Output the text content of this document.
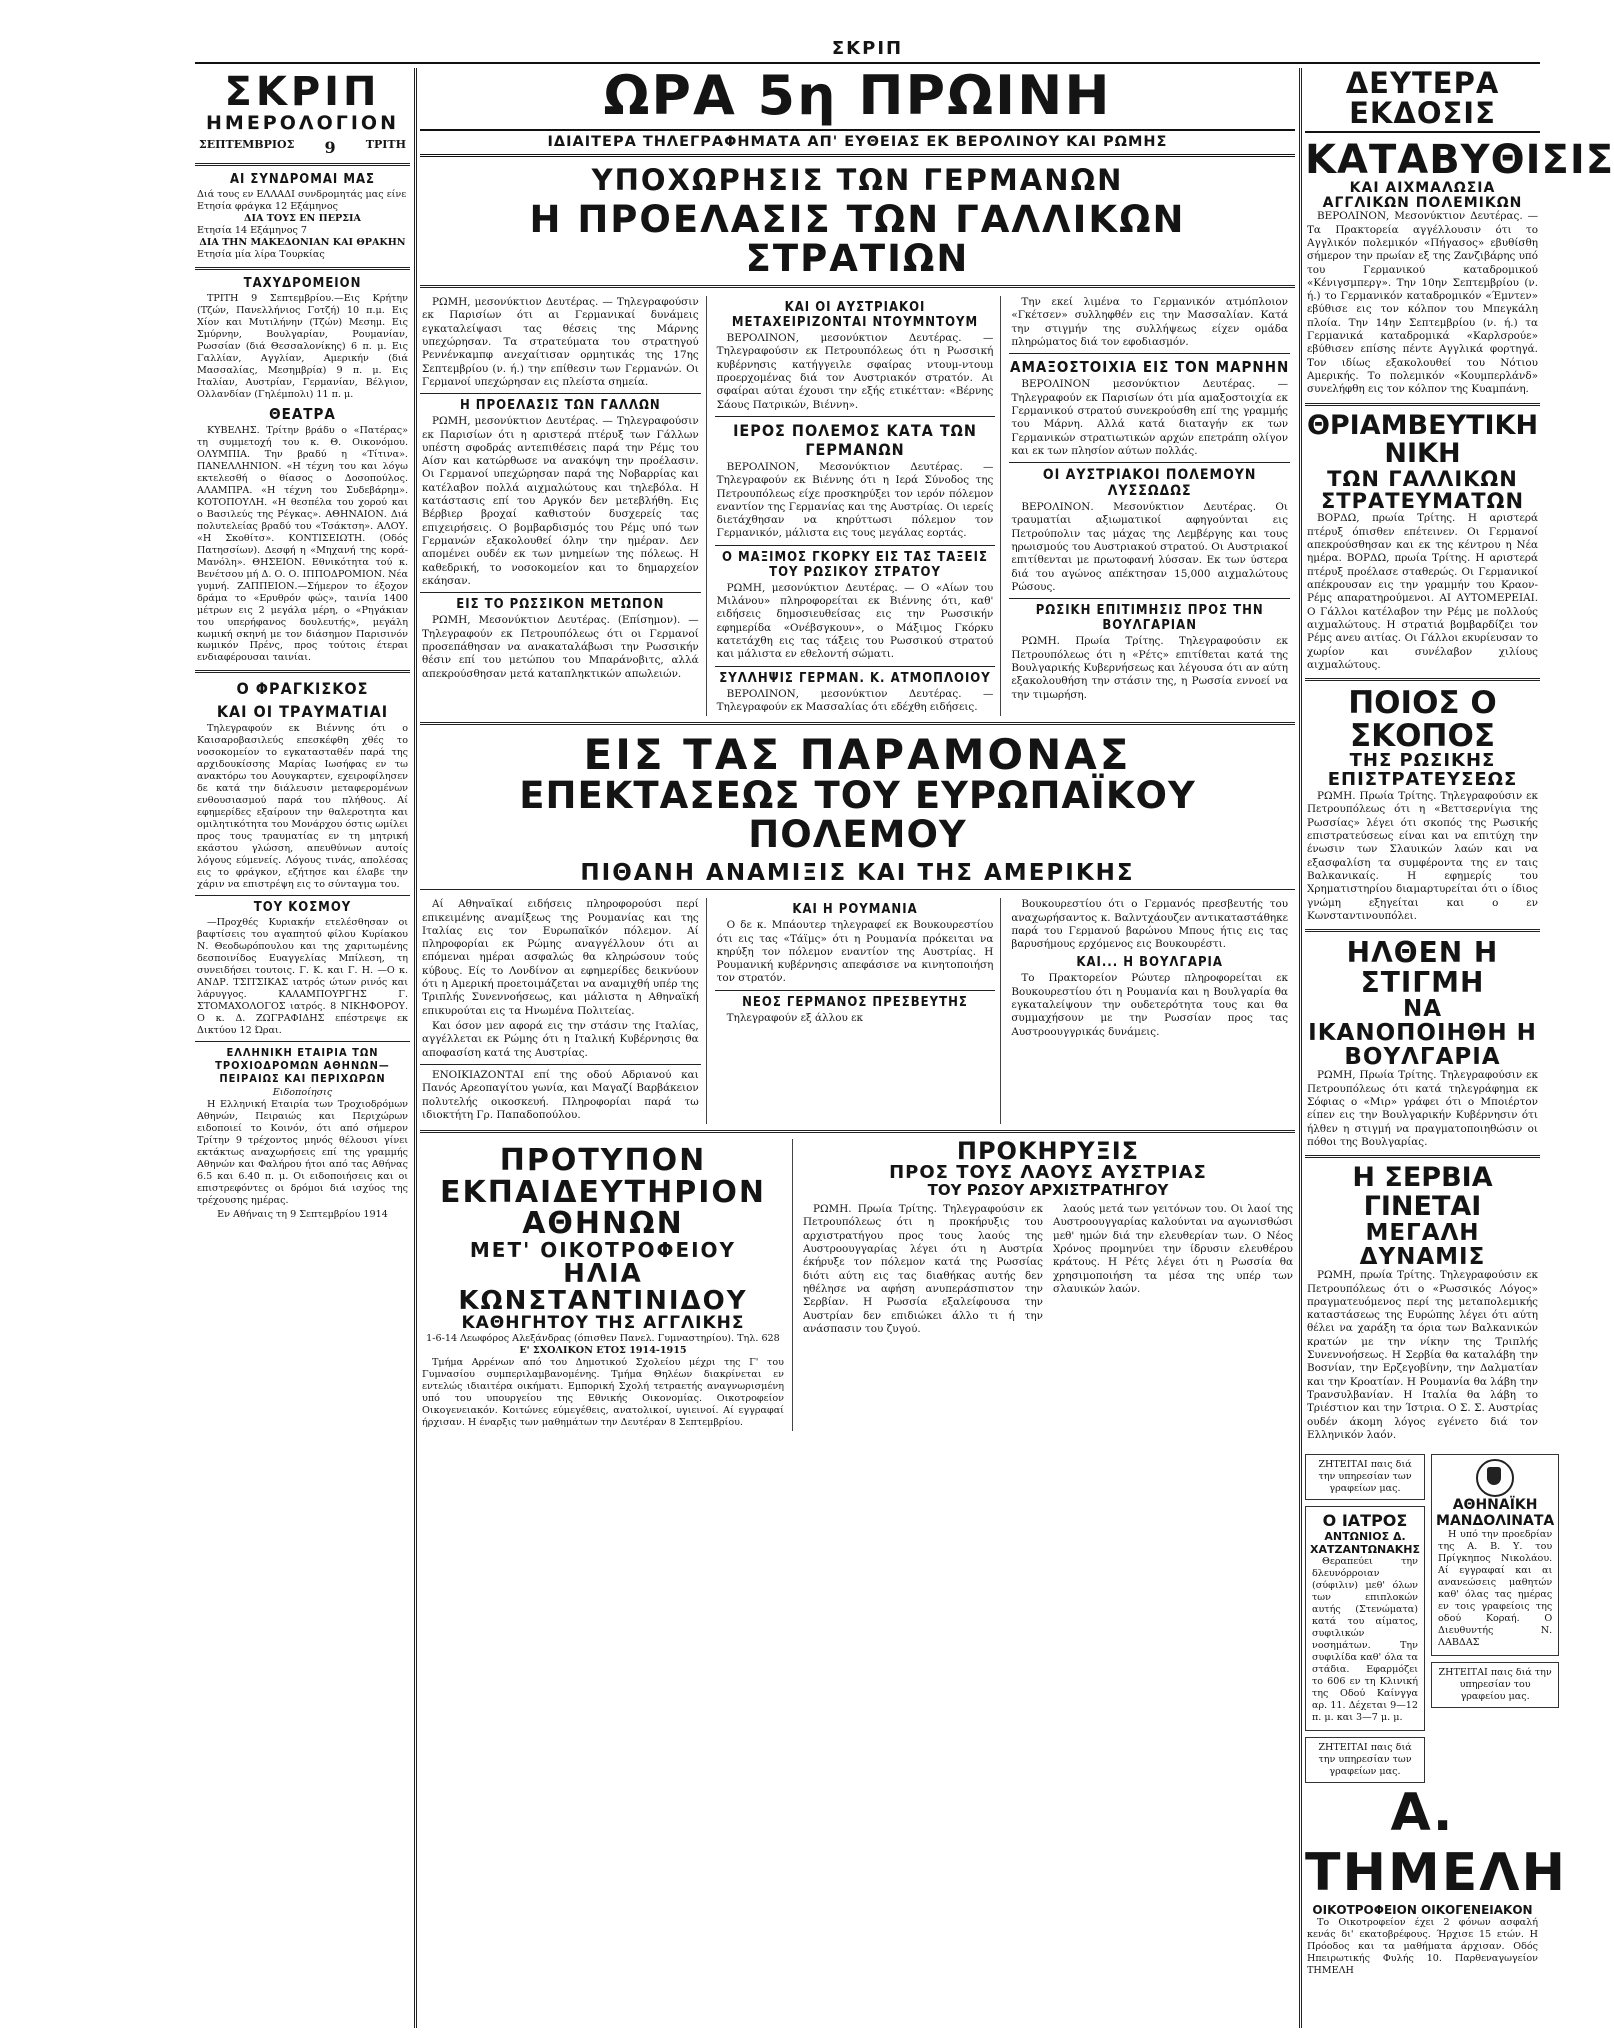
ΣΚΡΙΠ
ΣΚΡΙΠ
ΗΜΕΡΟΛΟΓΙΟΝ
ΣΕΠΤΕΜΒΡΙΟΣ 9	ΤΡΙΤΗ
ΑΙ ΣΥΝΔΡΟΜΑΙ ΜΑΣ
Διά τους εν ΕΛΛΑΔΙ συνδρομητάς μας είνε
Ετησία φράγκα 12 Εξάμηνος
ΔΙΑ ΤΟΥΣ ΕΝ ΠΕΡΣΙΑ
Ετησία 14 Εξάμηνος 7
ΔΙΑ ΤΗΝ ΜΑΚΕΔΟΝΙΑΝ ΚΑΙ ΘΡΑΚΗΝ
Ετησία μία λίρα Τουρκίας
ΤΑΧΥΔΡΟΜΕΙΟΝ

ΤΡΙΤΗ 9 Σεπτεμβρίου.—Εις Κρήτην (Τζών, Πανελλήνιος Γοτζή) 10 π.μ. Εις Χίον και Μυτιλήνην (Τζών) Μεσημ. Εις Σμύρνην, Βουλγαρίαν, Ρουμανίαν, Ρωσσίαν (διά Θεσσαλονίκης) 6 π. μ. Εις Γαλλίαν, Αγγλίαν, Αμερικήν (διά Μασσαλίας, Μεσημβρία) 9 π. μ. Εις Ιταλίαν, Αυστρίαν, Γερμανίαν, Βέλγιον, Ολλανδίαν (Γηλέμπολι) 11 π. μ.

ΘΕΑΤΡΑ

ΚΥΒΕΛΗΣ. Τρίτην βράδυ ο «Πατέρας» τη συμμετοχή του κ. Θ. Οικονόμου. ΟΛΥΜΠΙΑ. Την βραδύ η «Τίτινα». ΠΑΝΕΛΛΗΝΙΟΝ. «Η τέχνη του και λόγω εκτελεσθή ο θίασος ο Δοσοπούλος. ΑΛΑΜΠΡΑ. «Η τέχνη του Συδεβάρημ». ΚΟΤΟΠΟΥΛΗ. «Η θεσπέλα του χορού και ο Βασιλεύς της Ρέγκας». ΑΘΗΝΑΙΟΝ. Διά πολυτελείας βραδύ του «Τσάκτση». ΑΛΟΥ. «Η Σκοθίτσ». ΚΟΝΤΙΣΕΙΩΤΗ. (Οδός Πατησσίων). Δεσφή η «Μηχανή της κορά-Μανόλη». ΘΗΣΕΙΟΝ. Εθνικότητα τού κ. Βενέτσου μή Δ. Ο. Ο. ΙΠΠΟΔΡΟΜΙΟΝ. Νέα γυμνή. ΖΑΠΠΕΙΟΝ.—Σήμερον το έξοχον δράμα το «Ερυθρόν φώς», ταινία 1400 μέτρων εις 2 μεγάλα μέρη, ο «Ρηγάκιαν του υπερήφανος δουλευτής», μεγάλη κωμική σκηνή με τον διάσημον Παρισινόν κωμικόν Πρένς, προς τούτοις έτεραι ενδιαφέρουσαι ταινίαι.

Ο ΦΡΑΓΚΙΣΚΟΣ
ΚΑΙ ΟΙ ΤΡΑΥΜΑΤΙΑΙ

Τηλεγραφούν εκ Βιέννης ότι ο Καισαροβασιλεύς επεσκέφθη χθές το νοσοκομείον το εγκατασταθέν παρά της αρχιδουκίσσης Μαρίας Ιωσήφας εν τω ανακτόρω του Αουγκαρτεν, εχειροφίλησεν δε κατά την διάλευσιν μεταφερομένων ενθουσιασμού παρά του πλήθους. Αί εφημερίδες εξαίρουν την θαλεροτητα και ομιλητικότητα του Μονάρχου όστις ωμίλει προς τους τραυματίας εν τη μητρική εκάστου γλώσση, απευθύνων αυτοίς λόγους εύμενείς. Λόγους τινάς, απολέσας εις το φράγκον, εζήτησε και έλαβε την χάριν να επιστρέψη εις το σύνταγμα του.

ΤΟΥ ΚΟΣΜΟΥ

—Προχθές Κυριακήν ετελέσθησαν οι βαφτίσεις του αγαπητού φίλου Κυρίακου Ν. Θεοδωρόπουλου και της χαριτωμένης δεσποινίδος Ευαγγελίας Μπίλεση, τη συνειδήσει τουτοις. Γ. Κ. και Γ. Η. —Ο κ. ΑΝΔΡ. ΤΣΙΤΣΙΚΑΣ ιατρός ώτων ρινός και λάρυγγος. ΚΑΛΑΜΠΟΥΡΓΗΣ Γ. ΣΤΟΜΑΧΟΛΟΓΟΣ ιατρός. 8 ΝΙΚΗΦΟΡΟΥ. Ο κ. Δ. ΖΩΓΡΑΦΙΔΗΣ επέστρεψε εκ Δικτύου 12 Ώραι.

ΕΛΛΗΝΙΚΗ ΕΤΑΙΡΙΑ ΤΩΝ ΤΡΟΧΙΟΔΡΟΜΩΝ ΑΘΗΝΩΝ—ΠΕΙΡΑΙΩΣ ΚΑΙ ΠΕΡΙΧΩΡΩΝ
Ειδοποίησις

Η Ελληνική Εταιρία των Τροχιοδρόμων Αθηνών, Πειραιώς και Περιχώρων ειδοποιεί το Κοινόν, ότι από σήμερον Τρίτην 9 τρέχοντος μηνός θέλουσι γίνει εκτάκτως αναχωρήσεις επί της γραμμής Αθηνών και Φαλήρου ήτοι από τας Αθήνας 6.5 και 6.40 π. μ. Οι ειδοποιήσεις και οι επιστρεφόντες οι δρόμοι διά ισχύος της τρέχουσης ημέρας.

Εν Αθήναις τη 9 Σεπτεμβρίου 1914
ΩΡΑ 5η ΠΡΩΙΝΗ
ΙΔΙΑΙΤΕΡΑ ΤΗΛΕΓΡΑΦΗΜΑΤΑ ΑΠ' ΕΥΘΕΙΑΣ ΕΚ ΒΕΡΟΛΙΝΟΥ ΚΑΙ ΡΩΜΗΣ
ΥΠΟΧΩΡΗΣΙΣ ΤΩΝ ΓΕΡΜΑΝΩΝ
Η ΠΡΟΕΛΑΣΙΣ ΤΩΝ ΓΑΛΛΙΚΩΝ ΣΤΡΑΤΙΩΝ

ΡΩΜΗ, μεσονύκτιον Δευτέρας. — Τηλεγραφούσιν εκ Παρισίων ότι αι Γερμανικαί δυνάμεις εγκαταλείψασι τας θέσεις της Μάρνης υπεχώρησαν. Τα στρατεύματα του στρατηγού Ρεννένκαμπφ ανεχαίτισαν ορμητικάς της 17ης Σεπτεμβρίου (ν. ή.) την επίθεσιν των Γερμανών. Οι Γερμανοί υπεχώρησαν εις πλείστα σημεία.

Η ΠΡΟΕΛΑΣΙΣ ΤΩΝ ΓΑΛΛΩΝ

ΡΩΜΗ, μεσονύκτιον Δευτέρας. — Τηλεγραφούσιν εκ Παρισίων ότι η αριστερά πτέρυξ των Γάλλων υπέστη σφοδράς αντεπιθέσεις παρά την Ρέμς του Αίσν και κατώρθωσε να ανακόψη την προέλασιν. Οι Γερμανοί υπεχώρησαν παρά της Νοβαρρίας και κατέλαβον πολλά αιχμαλώτους και τηλεβόλα. Η κατάστασις επί του Αργκόν δεν μετεβλήθη. Εις Βέρβιερ βροχαί καθιστούν δυσχερείς τας επιχειρήσεις. Ο βομβαρδισμός του Ρέμς υπό των Γερμανών εξακολουθεί όλην την ημέραν. Δεν απομένει ουδέν εκ των μνημείων της πόλεως. Η καθεδρική, το νοσοκομείον και το δημαρχείον εκάησαν.

ΕΙΣ ΤΟ ΡΩΣΣΙΚΟΝ ΜΕΤΩΠΟΝ

ΡΩΜΗ, Μεσονύκτιον Δευτέρας. (Επίσημον). — Τηλεγραφούν εκ Πετρουπόλεως ότι οι Γερμανοί προσεπάθησαν να ανακαταλάβωσι την Ρωσσικήν θέσιν επί του μετώπου του Μπαράνοβιτς, αλλά απεκρούσθησαν μετά καταπληκτικών απωλειών.

ΚΑΙ ΟΙ ΑΥΣΤΡΙΑΚΟΙ ΜΕΤΑΧΕΙΡΙΖΟΝΤΑΙ ΝΤΟΥΜΝΤΟΥΜ

ΒΕΡΟΛΙΝΟΝ, μεσονύκτιον Δευτέρας. — Τηλεγραφούσιν εκ Πετρουπόλεως ότι η Ρωσσική κυβέρνησις κατήγγειλε σφαίρας ντουμ-ντουμ προερχομένας διά τον Αυστριακόν στρατόν. Αι σφαίραι αύται έχουσι την εξής ετικέτταν: «Βέρνης Σάους Πατρικών, Βιέννη».

ΙΕΡΟΣ ΠΟΛΕΜΟΣ ΚΑΤΑ ΤΩΝ ΓΕΡΜΑΝΩΝ

ΒΕΡΟΛΙΝΟΝ, Μεσονύκτιον Δευτέρας. — Τηλεγραφούν εκ Βιέννης ότι η Ιερά Σύνοδος της Πετρουπόλεως είχε προσκηρύξει τον ιερόν πόλεμον εναντίον της Γερμανίας και της Αυστρίας. Οι ιερείς διετάχθησαν να κηρύττωσι πόλεμον τον Γερμανικόν, μάλιστα εις τους μεγάλας εορτάς.

Ο ΜΑΞΙΜΟΣ ΓΚΟΡΚΥ ΕΙΣ ΤΑΣ ΤΑΞΕΙΣ ΤΟΥ ΡΩΣΙΚΟΥ ΣΤΡΑΤΟΥ

ΡΩΜΗ, μεσονύκτιον Δευτέρας. — Ο «Αίων του Μιλάνου» πληροφορείται εκ Βιέννης ότι, καθ' ειδήσεις δημοσιευθείσας εις την Ρωσσικήν εφημερίδα «Ονέβσγκουν», ο Μάξιμος Γκόρκυ κατετάχθη εις τας τάξεις του Ρωσσικού στρατού και μάλιστα εν εθελοντή σώματι.

ΣΥΛΛΗΨΙΣ ΓΕΡΜΑΝ. Κ. ΑΤΜΟΠΛΟΙΟΥ

ΒΕΡΟΛΙΝΟΝ, μεσονύκτιον Δευτέρας. — Τηλεγραφούν εκ Μασσαλίας ότι εδέχθη ειδήσεις.

Την εκεί λιμένα το Γερμανικόν ατμόπλοιον «Γκέτσεν» συλληφθέν εις την Μασσαλίαν. Κατά την στιγμήν της συλλήψεως είχεν ομάδα πληρώματος διά τον εφοδιασμόν.

ΑΜΑΞΟΣΤΟΙΧΙΑ ΕΙΣ ΤΟΝ ΜΑΡΝΗΝ

ΒΕΡΟΛΙΝΟΝ μεσονύκτιον Δευτέρας. — Τηλεγραφούν εκ Παρισίων ότι μία αμαξοστοιχία εκ Γερμανικού στρατού συνεκρούσθη επί της γραμμής του Μάρνη. Αλλά κατά διαταγήν εκ των Γερμανικών στρατιωτικών αρχών επετράπη ολίγον και εκ των πλησίον αύτων πολλάς.

ΟΙ ΑΥΣΤΡΙΑΚΟΙ ΠΟΛΕΜΟΥΝ ΛΥΣΣΩΔΩΣ

ΒΕΡΟΛΙΝΟΝ. Μεσονύκτιον Δευτέρας. Οι τραυματίαι αξιωματικοί αφηγούνται εις Πετρούπολιν τας μάχας της Λεμβέργης και τους ηρωισμούς του Αυστριακού στρατού. Οι Αυστριακοί επιτίθενται με πρωτοφανή λύσσαν. Εκ των ύστερα διά του αγώνος απέκτησαν 15,000 αιχμαλώτους Ρώσους.

ΡΩΣΙΚΗ ΕΠΙΤΙΜΗΣΙΣ ΠΡΟΣ ΤΗΝ ΒΟΥΛΓΑΡΙΑΝ

ΡΩΜΗ. Πρωία Τρίτης. Τηλεγραφούσιν εκ Πετρουπόλεως ότι η «Ρέτς» επιτίθεται κατά της Βουλγαρικής Κυβερνήσεως και λέγουσα ότι αν αύτη εξακολουθήση την στάσιν της, η Ρωσσία εννοεί να την τιμωρήση.

ΕΙΣ ΤΑΣ ΠΑΡΑΜΟΝΑΣ
ΕΠΕΚΤΑΣΕΩΣ ΤΟΥ ΕΥΡΩΠΑΪΚΟΥ ΠΟΛΕΜΟΥ
ΠΙΘΑΝΗ ΑΝΑΜΙΞΙΣ ΚΑΙ ΤΗΣ ΑΜΕΡΙΚΗΣ

Αί Αθηναϊκαί ειδήσεις πληροφορούσι περί επικειμένης αναμίξεως της Ρουμανίας και της Ιταλίας εις τον Ευρωπαϊκόν πόλεμον. Αί πληροφορίαι εκ Ρώμης αναγγέλλουν ότι αι επόμεναι ημέραι ασφαλώς θα κληρώσουν τούς κύβους. Είς το Λονδίνον αι εφημερίδες δεικνύουν ότι η Αμερική προετοιμάζεται να αναμιχθή υπέρ της Τριπλής Συνεννοήσεως, και μάλιστα η Αθηναϊκή επικυρούται εις τα Ηνωμένα Πολιτείας.

Και όσον μεν αφορά εις την στάσιν της Ιταλίας, αγγέλλεται εκ Ρώμης ότι η Ιταλική Κυβέρνησις θα αποφασίση κατά της Αυστρίας.

ΕΝΟΙΚΙΑΖΟΝΤΑΙ επί της οδού Αδριανού και Πανός Αρεοπαγίτου γωνία, και Μαγαζί Βαρβάκειον πολυτελής οικοσκευή. Πληροφορίαι παρά τω ιδιοκτήτη Γρ. Παπαδοπούλου.

ΚΑΙ Η ΡΟΥΜΑΝΙΑ

Ο δε κ. Μπάουτερ τηλεγραφεί εκ Βουκουρεστίου ότι εις τας «Τάϊμς» ότι η Ρουμανία πρόκειται να κηρύξη τον πόλεμον εναντίον της Αυστρίας. Η Ρουμανική κυβέρνησις απεφάσισε να κινητοποιήση τον στρατόν.

ΝΕΟΣ ΓΕΡΜΑΝΟΣ ΠΡΕΣΒΕΥΤΗΣ

Τηλεγραφούν εξ άλλου εκ

Βουκουρεστίου ότι ο Γερμανός πρεσβευτής του αναχωρήσαντος κ. Βαλντχάουζεν αντικαταστάθηκε παρά του Γερμανού βαρώνου Μπους ήτις εις τας βαρυσήμους ερχόμενος εις Βουκουρέστι.

ΚΑΙ... Η ΒΟΥΛΓΑΡΙΑ

Το Πρακτορείον Ρώυτερ πληροφορείται εκ Βουκουρεστίου ότι η Ρουμανία και η Βουλγαρία θα εγκαταλείψουν την ουδετερότητα τους και θα συμμαχήσουν με την Ρωσσίαν προς τας Αυστροουγγρικάς δυνάμεις.

ΠΡΟΤΥΠΟΝ ΕΚΠΑΙΔΕΥΤΗΡΙΟΝ ΑΘΗΝΩΝ
ΜΕΤ' ΟΙΚΟΤΡΟΦΕΙΟΥ
ΗΛΙΑ ΚΩΝΣΤΑΝΤΙΝΙΔΟΥ
ΚΑΘΗΓΗΤΟΥ ΤΗΣ ΑΓΓΛΙΚΗΣ
1-6-14 Λεωφόρος Αλεξάνδρας (όπισθεν Πανελ. Γυμναστηρίου). Τηλ. 628
Ε' ΣΧΟΛΙΚΟΝ ΕΤΟΣ 1914-1915

Τμήμα Αρρένων από του Δημοτικού Σχολείου μέχρι της Γ' του Γυμνασίου συμπεριλαμβανομένης. Τμήμα Θηλέων διακρίνεται εν εντελώς ιδιαιτέρα οικήματι. Εμπορική Σχολή τετραετής αναγνωρισμένη υπό του υπουργείου της Εθνικής Οικονομίας. Οικοτροφείον Οικογενειακόν. Κοιτώνες εύμεγέθεις, ανατολικοί, υγιεινοί. Αί εγγραφαί ήρχισαν. Η έναρξις των μαθημάτων την Δευτέραν 8 Σεπτεμβρίου.

ΠΡΟΚΗΡΥΞΙΣ
ΠΡΟΣ ΤΟΥΣ ΛΑΟΥΣ ΑΥΣΤΡΙΑΣ
ΤΟΥ ΡΩΣΟΥ ΑΡΧΙΣΤΡΑΤΗΓΟΥ

ΡΩΜΗ. Πρωία Τρίτης. Τηλεγραφούσιν εκ Πετρουπόλεως ότι η προκήρυξις του αρχιστρατήγου προς τους λαούς της Αυστροουγγαρίας λέγει ότι η Αυστρία έκήρυξε τον πόλεμον κατά της Ρωσσίας διότι αύτη εις τας διαθήκας αυτής δεν ηθέλησε να αφήση ανυπεράσπιστον την Σερβίαν. Η Ρωσσία εξαλείφουσα την Αυστρίαν δεν επιδιώκει άλλο τι ή την ανάσπασιν του ζυγού.

λαούς μετά των γειτόνων του. Οι λαοί της Αυστροουγγαρίας καλούνται να αγωνισθώσι μεθ' ημών διά την ελευθερίαν των. Ο Νέος Χρόνος προμηνύει την ίδρυσιν ελευθέρου κράτους. Η Ρέτς λέγει ότι η Ρωσσία θα χρησιμοποιήση τα μέσα της υπέρ των σλαυικών λαών.

ΔΕΥΤΕΡΑ ΕΚΔΟΣΙΣ
ΚΑΤΑΒΥΘΙΣΙΣ
ΚΑΙ ΑΙΧΜΑΛΩΣΙΑ ΑΓΓΛΙΚΩΝ ΠΟΛΕΜΙΚΩΝ

ΒΕΡΟΛΙΝΟΝ, Μεσονύκτιον Δευτέρας. — Τα Πρακτορεία αγγέλλουσιν ότι το Αγγλικόν πολεμικόν «Πήγασος» εβυθίσθη σήμερον την πρωίαν εξ της Ζανζιβάρης υπό του Γερμανικού καταδρομικού «Κένιγσμπεργ». Την 10ην Σεπτεμβρίου (ν. ή.) το Γερμανικόν καταδρομικόν «Έμντεν» εβύθισε εις τον κόλπον του Μπεγκάλη πλοία. Την 14ην Σεπτεμβρίου (ν. ή.) τα Γερμανικά καταδρομικά «Καρλσρούε» εβύθισεν επίσης πέντε Αγγλικά φορτηγά. Τον ιδίως εξακολουθεί του Νότιου Αμερικής. Το πολεμικόν «Κουμπερλάνδ» συνελήφθη εις τον κόλπον της Κυαμπάνη.

ΘΡΙΑΜΒΕΥΤΙΚΗ ΝΙΚΗ
ΤΩΝ ΓΑΛΛΙΚΩΝ ΣΤΡΑΤΕΥΜΑΤΩΝ

ΒΟΡΔΩ, πρωία Τρίτης. Η αριστερά πτέρυξ όπισθεν επέτεινεν. Οι Γερμανοί απεκρούσθησαν και εκ της κέντρου η Νέα ημέρα. ΒΟΡΔΩ, πρωία Τρίτης. Η αριστερά πτέρυξ προέλασε σταθερώς. Οι Γερμανικοί απέκρουσαν εις την γραμμήν του Κραον-Ρέμς απαρατηρούμενοι. ΑΙ ΑΥΤΟΜΕΡΕΙΑΙ. Ο Γάλλοι κατέλαβον την Ρέμς με πολλούς αιχμαλώτους. Η στρατιά βομβαρδίζει τον Ρέμς ανευ αιτίας. Οι Γάλλοι εκυρίευσαν το χωρίον και συνέλαβον χιλίους αιχμαλώτους.

ΠΟΙΟΣ Ο ΣΚΟΠΟΣ
ΤΗΣ ΡΩΣΙΚΗΣ ΕΠΙΣΤΡΑΤΕΥΣΕΩΣ

ΡΩΜΗ. Πρωία Τρίτης. Τηλεγραφούσιν εκ Πετρουπόλεως ότι η «Βεττσερνίγια της Ρωσσίας» λέγει ότι σκοπός της Ρωσικής επιστρατεύσεως είναι και να επιτύχη την ένωσιν των Σλαυικών λαών και να εξασφαλίση τα συμφέροντα της εν ταις Βαλκανικαίς. Η εφημερίς του Χρηματιστηρίου διαμαρτυρείται ότι ο ίδιος γνώμη εξηγείται και ο εν Κωνσταντινουπόλει.

ΗΛΘΕΝ Η ΣΤΙΓΜΗ
ΝΑ ΙΚΑΝΟΠΟΙΗΘΗ Η ΒΟΥΛΓΑΡΙΑ

ΡΩΜΗ, Πρωία Τρίτης. Τηλεγραφούσιν εκ Πετρουπόλεως ότι κατά τηλεγράφημα εκ Σόφιας ο «Μιρ» γράφει ότι ο Μποιέρτον είπεν εις την Βουλγαρικήν Κυβέρνησιν ότι ήλθεν η στιγμή να πραγματοποιηθώσιν οι πόθοι της Βουλγαρίας.

Η ΣΕΡΒΙΑ ΓΙΝΕΤΑΙ
ΜΕΓΑΛΗ ΔΥΝΑΜΙΣ

ΡΩΜΗ, πρωία Τρίτης. Τηλεγραφούσιν εκ Πετρουπόλεως ότι ο «Ρωσσικός Λόγος» πραγματευόμενος περί της μεταπολεμικής καταστάσεως της Ευρώπης λέγει ότι αύτη θέλει να χαράξη τα όρια των Βαλκανικών κρατών με την νίκην της Τριπλής Συνεννοήσεως. Η Σερβία θα καταλάβη την Βοσνίαν, την Ερζεγοβίνην, την Δαλματίαν και την Κροατίαν. Η Ρουμανία θα λάβη την Τρανσυλβανίαν. Η Ιταλία θα λάβη το Τριέστιον και την Ίστρια. Ο Σ. Σ. Αυστρίας ουδέν άκομη λόγος εγένετο διά τον Ελληνικόν λαόν.

ΖΗΤΕΙΤΑΙ παις διά την υπηρεσίαν των γραφείων μας.
Ο ΙΑΤΡΟΣ
ΑΝΤΩΝΙΟΣ Δ. ΧΑΤΖΑΝΤΩΝΑΚΗΣ

Θεραπεύει την δλευνόρροιαν (σύφιλιν) μεθ' όλων των επιπλοκών αυτής (Στενώματα) κατά του αίματος, συφιλικών νοσημάτων. Την συφιλίδα καθ' όλα τα στάδια. Εφαρμόζει το 606 εν τη Κλινική της Οδού Καίνγγα αρ. 11. Δέχεται 9—12 π. μ. και 3—7 μ. μ.

ΖΗΤΕΙΤΑΙ παις διά την υπηρεσίαν των γραφείων μας.
ΑΘΗΝΑΪΚΗ ΜΑΝΔΟΛΙΝΑΤΑ

Η υπό την προεδρίαν της Α. Β. Υ. του Πρίγκηπος Νικολάου. Αί εγγραφαί και αι ανανεώσεις μαθητών καθ' όλας τας ημέρας εν τοις γραφείοις της οδού Κοραή. Ο Διευθυντής Ν. ΛΑΒΔΑΣ

ΖΗΤΕΙΤΑΙ παις διά την υπηρεσίαν του γραφείου μας.
Α. ΤΗΜΕΛΗ
ΟΙΚΟΤΡΟΦΕΙΟΝ ΟΙΚΟΓΕΝΕΙΑΚΟΝ

Το Οικοτροφείον έχει 2 φόνων ασφαλή κενάς δι' εκατοβρέφους. Ήρχισε 15 ετών. Η Πρόοδος και τα μαθήματα άρχισαν. Οδός Ηπειρωτικής Φυλής 10. Παρθεναγωγείον ΤΗΜΕΛΗ
